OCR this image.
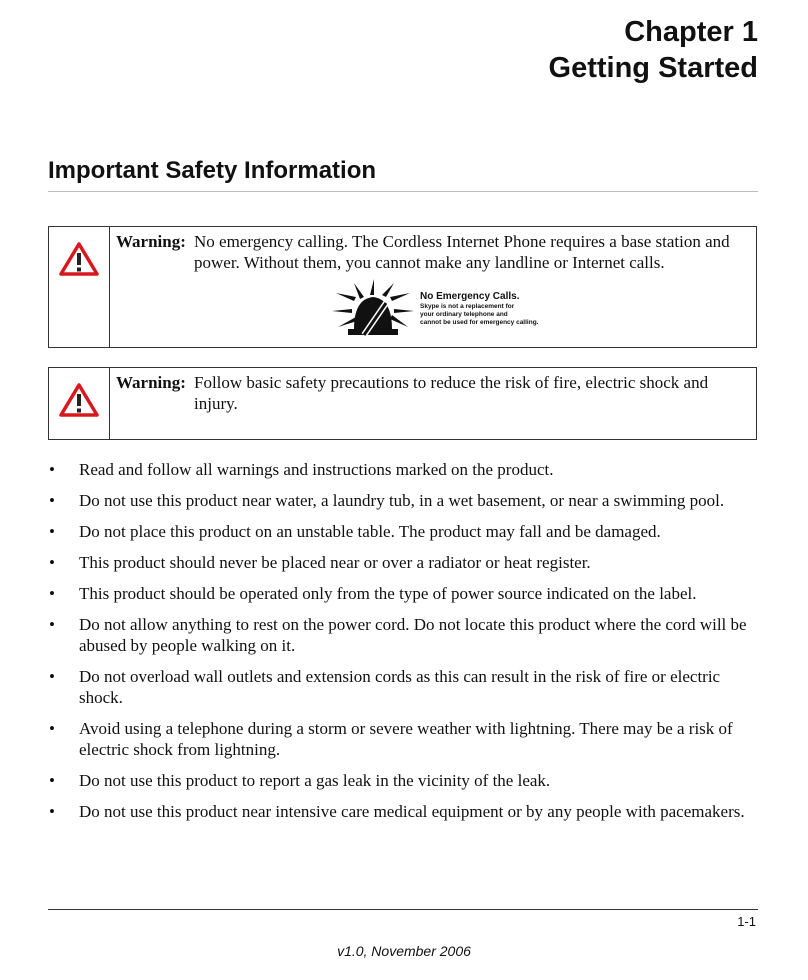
Chapter 1
Getting Started
Important Safety Information
Warning: No emergency calling. The Cordless Internet Phone requires a base station and power. Without them, you cannot make any landline or Internet calls.
No Emergency Calls.
Skype is not a replacement for
your ordinary telephone and
cannot be used for emergency calling.
Warning: Follow basic safety precautions to reduce the risk of fire, electric shock and injury.
•	Read and follow all warnings and instructions marked on the product.
•	Do not use this product near water, a laundry tub, in a wet basement, or near a swimming pool.
•	Do not place this product on an unstable table. The product may fall and be damaged.
•	This product should never be placed near or over a radiator or heat register.
•	This product should be operated only from the type of power source indicated on the label.
•	Do not allow anything to rest on the power cord. Do not locate this product where the cord will be abused by people walking on it.
•	Do not overload wall outlets and extension cords as this can result in the risk of fire or electric shock.
•	Avoid using a telephone during a storm or severe weather with lightning. There may be a risk of electric shock from lightning.
•	Do not use this product to report a gas leak in the vicinity of the leak.
•	Do not use this product near intensive care medical equipment or by any people with pacemakers.
1-1
v1.0, November 2006
